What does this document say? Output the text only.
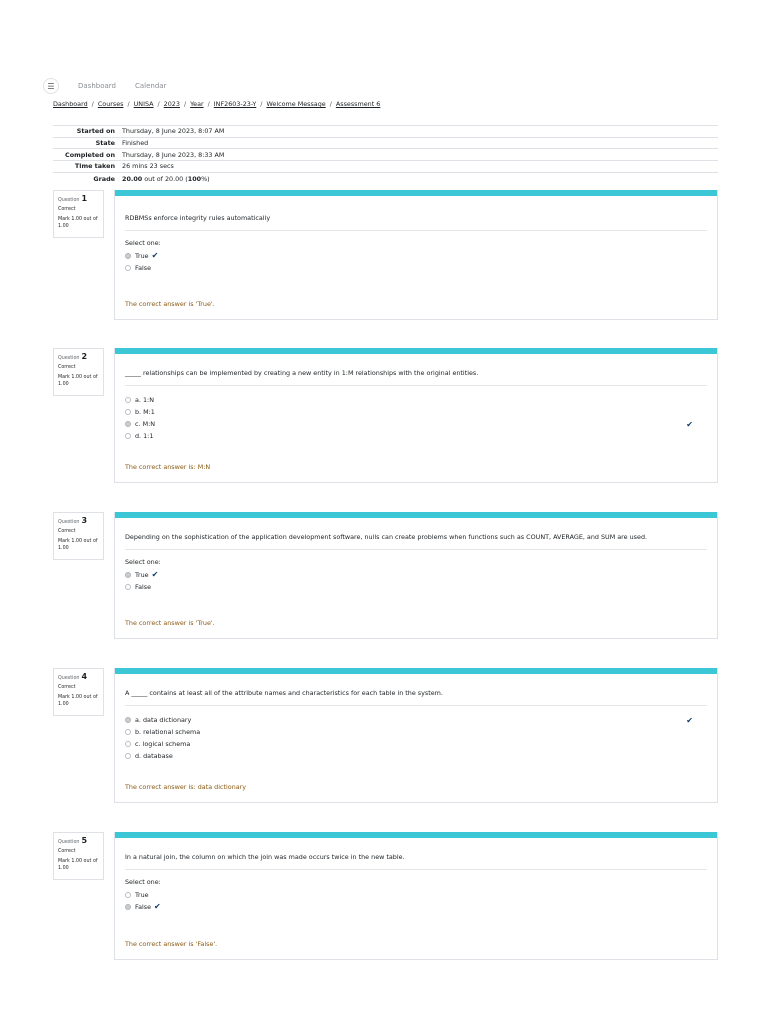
☰	Dashboard	Calendar
Dashboard / Courses / UNISA / 2023 / Year / INF2603-23-Y / Welcome Message / Assessment 6
Started on	Thursday, 8 June 2023, 8:07 AM
State	Finished
Completed on	Thursday, 8 June 2023, 8:33 AM
Time taken	26 mins 23 secs
Grade	20.00 out of 20.00 (100%)
Question 1
Correct
Mark 1.00 out of 1.00
RDBMSs enforce integrity rules automatically
Select one:
True ✔
False
The correct answer is 'True'.
Question 2
Correct
Mark 1.00 out of 1.00
_____ relationships can be implemented by creating a new entity in 1:M relationships with the original entities.
a. 1:N
b. M:1
c. M:N	✔
d. 1:1
The correct answer is: M:N
Question 3
Correct
Mark 1.00 out of 1.00
Depending on the sophistication of the application development software, nulls can create problems when functions such as COUNT, AVERAGE, and SUM are used.
Select one:
True ✔
False
The correct answer is 'True'.
Question 4
Correct
Mark 1.00 out of 1.00
A _____ contains at least all of the attribute names and characteristics for each table in the system.
a. data dictionary	✔
b. relational schema
c. logical schema
d. database
The correct answer is: data dictionary
Question 5
Correct
Mark 1.00 out of 1.00
In a natural join, the column on which the join was made occurs twice in the new table.
Select one:
True
False ✔
The correct answer is 'False'.
